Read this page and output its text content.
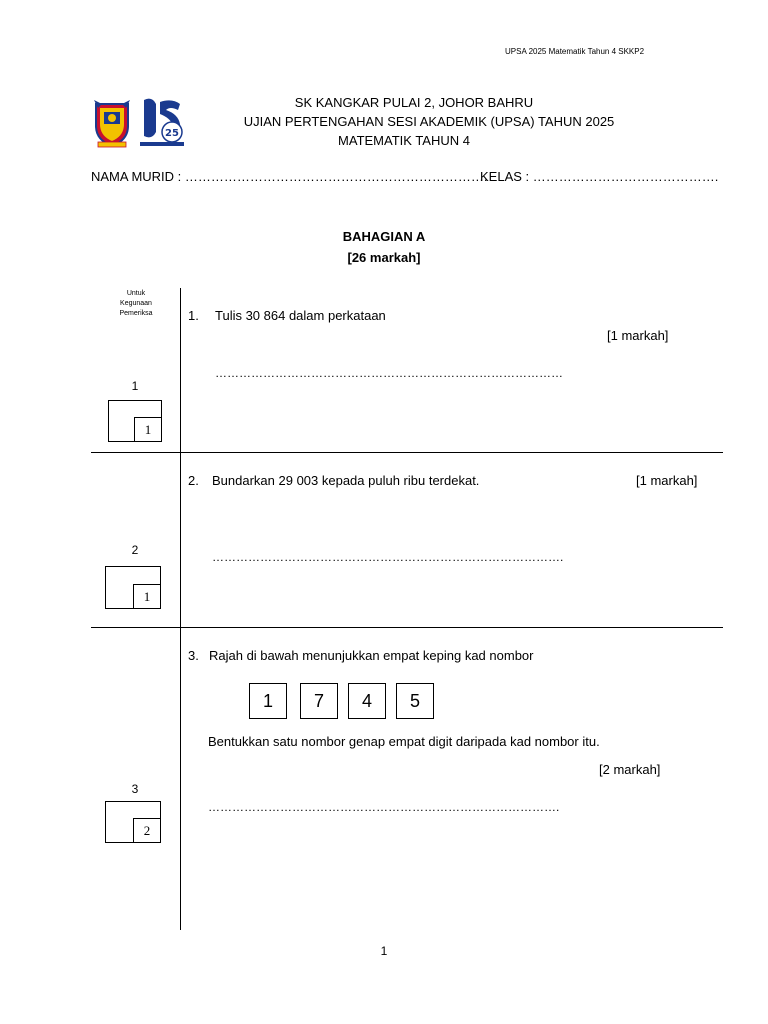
UPSA 2025 Matematik Tahun 4 SKKP2
25
SK KANGKAR PULAI 2, JOHOR BAHRU
UJIAN PERTENGAHAN SESI AKADEMIK (UPSA) TAHUN 2025
MATEMATIK TAHUN 4
NAMA MURID : …………………………………………………………….
KELAS : …………………………………….
BAHAGIAN A
[26 markah]
Untuk
Kegunaan
Pemeriksa	1. Tulis 30 864 dalam perkataan
[1 markah]
……………………………………………………………………………
1
1
2. Bundarkan 29 003 kepada puluh ribu terdekat.	[1 markah]
…………………………………………………………………………….
2
1
3. Rajah di bawah menunjukkan empat keping kad nombor
1	7	4	5
Bentukkan satu nombor genap empat digit daripada kad nombor itu.
[2 markah]
…………………………………………………………………………….
3
2
1
